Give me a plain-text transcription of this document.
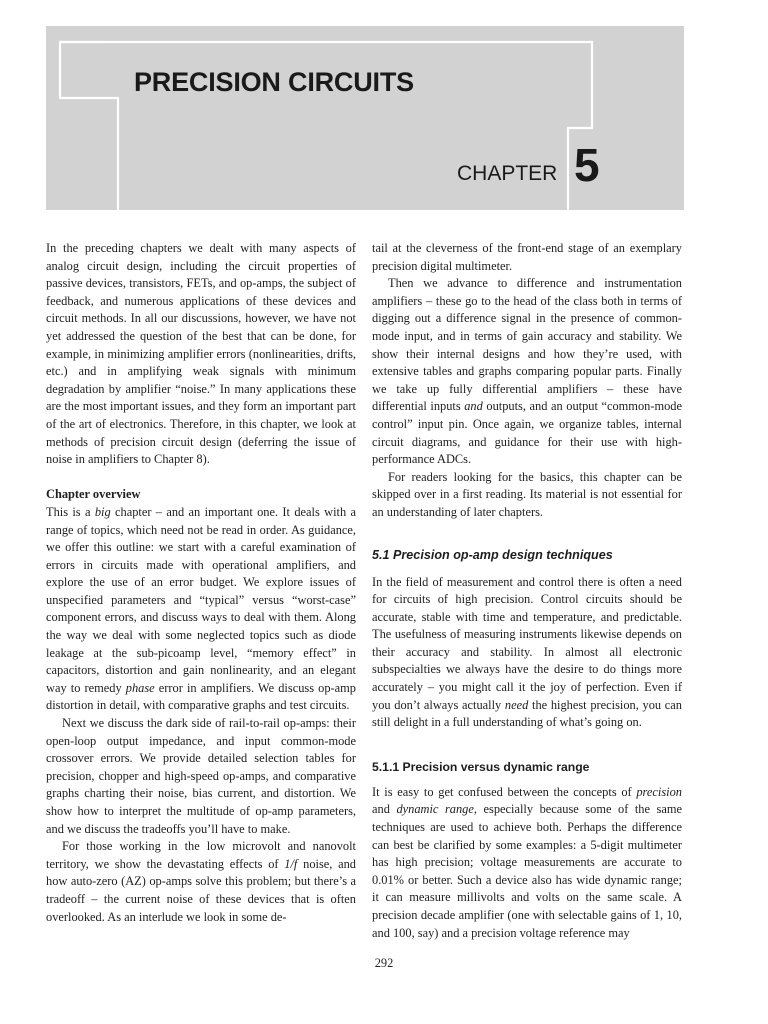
PRECISION CIRCUITS
CHAPTER 5

In the preceding chapters we dealt with many aspects of analog circuit design, including the circuit properties of passive devices, transistors, FETs, and op-amps, the subject of feedback, and numerous applications of these devices and circuit methods. In all our discussions, however, we have not yet addressed the question of the best that can be done, for example, in minimizing amplifier errors (nonlinearities, drifts, etc.) and in amplifying weak signals with minimum degradation by amplifier “noise.” In many applications these are the most important issues, and they form an important part of the art of electronics. Therefore, in this chapter, we look at methods of precision circuit design (deferring the issue of noise in amplifiers to Chapter 8).

Chapter overview

This is a big chapter – and an important one. It deals with a range of topics, which need not be read in order. As guidance, we offer this outline: we start with a careful examination of errors in circuits made with operational amplifiers, and explore the use of an error budget. We explore issues of unspecified parameters and “typical” versus “worst-case” component errors, and discuss ways to deal with them. Along the way we deal with some neglected topics such as diode leakage at the sub-picoamp level, “memory effect” in capacitors, distortion and gain nonlinearity, and an elegant way to remedy phase error in amplifiers. We discuss op-amp distortion in detail, with comparative graphs and test circuits.

Next we discuss the dark side of rail-to-rail op-amps: their open-loop output impedance, and input common-mode crossover errors. We provide detailed selection tables for precision, chopper and high-speed op-amps, and comparative graphs charting their noise, bias current, and distortion. We show how to interpret the multitude of op-amp parameters, and we discuss the tradeoffs you’ll have to make.

For those working in the low microvolt and nanovolt territory, we show the devastating effects of 1/f noise, and how auto-zero (AZ) op-amps solve this problem; but there’s a tradeoff – the current noise of these devices that is often overlooked. As an interlude we look in some de-

tail at the cleverness of the front-end stage of an exemplary precision digital multimeter.

Then we advance to difference and instrumentation amplifiers – these go to the head of the class both in terms of digging out a difference signal in the presence of common-mode input, and in terms of gain accuracy and stability. We show their internal designs and how they’re used, with extensive tables and graphs comparing popular parts. Finally we take up fully differential amplifiers – these have differential inputs and outputs, and an output “common-mode control” input pin. Once again, we organize tables, internal circuit diagrams, and guidance for their use with high-performance ADCs.

For readers looking for the basics, this chapter can be skipped over in a first reading. Its material is not essential for an understanding of later chapters.

5.1 Precision op-amp design techniques

In the field of measurement and control there is often a need for circuits of high precision. Control circuits should be accurate, stable with time and temperature, and predictable. The usefulness of measuring instruments likewise depends on their accuracy and stability. In almost all electronic subspecialties we always have the desire to do things more accurately – you might call it the joy of perfection. Even if you don’t always actually need the highest precision, you can still delight in a full understanding of what’s going on.

5.1.1 Precision versus dynamic range

It is easy to get confused between the concepts of precision and dynamic range, especially because some of the same techniques are used to achieve both. Perhaps the difference can best be clarified by some examples: a 5-digit multimeter has high precision; voltage measurements are accurate to 0.01% or better. Such a device also has wide dynamic range; it can measure millivolts and volts on the same scale. A precision decade amplifier (one with selectable gains of 1, 10, and 100, say) and a precision voltage reference may

292
